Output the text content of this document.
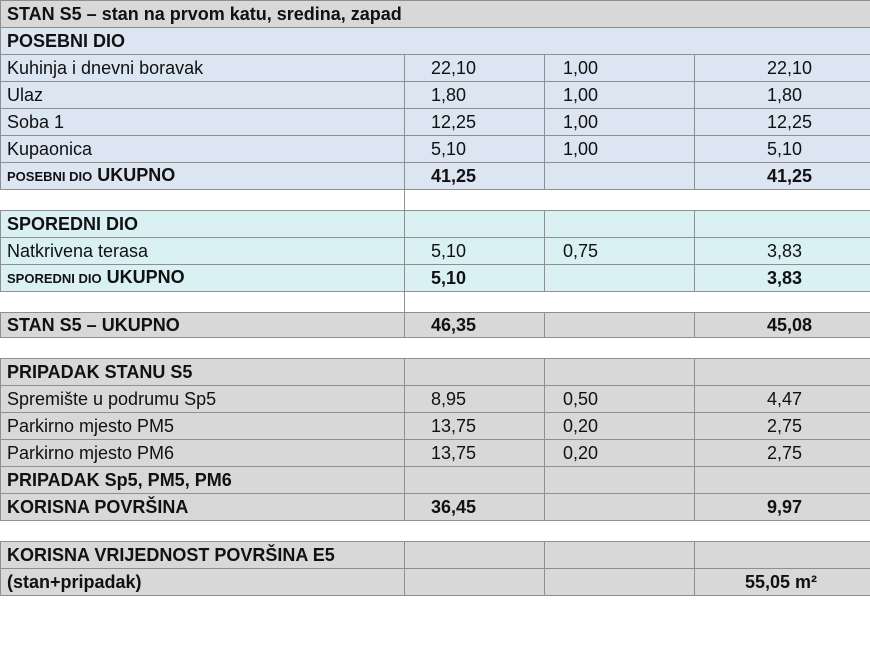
STAN S5 – stan na prvom katu, sredina, zapad			
POSEBNI DIO			
Kuhinja i dnevni boravak	22,10	1,00	22,10
Ulaz	1,80	1,00	1,80
Soba 1	12,25	1,00	12,25
Kupaonica	5,10	1,00	5,10
POSEBNI DIO UKUPNO	41,25		41,25

SPOREDNI DIO			
Natkrivena terasa	5,10	0,75	3,83
SPOREDNI DIO UKUPNO	5,10		3,83

STAN S5 – UKUPNO	46,35		45,08

PRIPADAK STANU S5			
Spremište u podrumu Sp5	8,95	0,50	4,47
Parkirno mjesto PM5	13,75	0,20	2,75
Parkirno mjesto PM6	13,75	0,20	2,75
PRIPADAK Sp5, PM5, PM6			
KORISNA POVRŠINA	36,45		9,97

KORISNA VRIJEDNOST POVRŠINA E5			
(stan+pripadak)			55,05 m²
